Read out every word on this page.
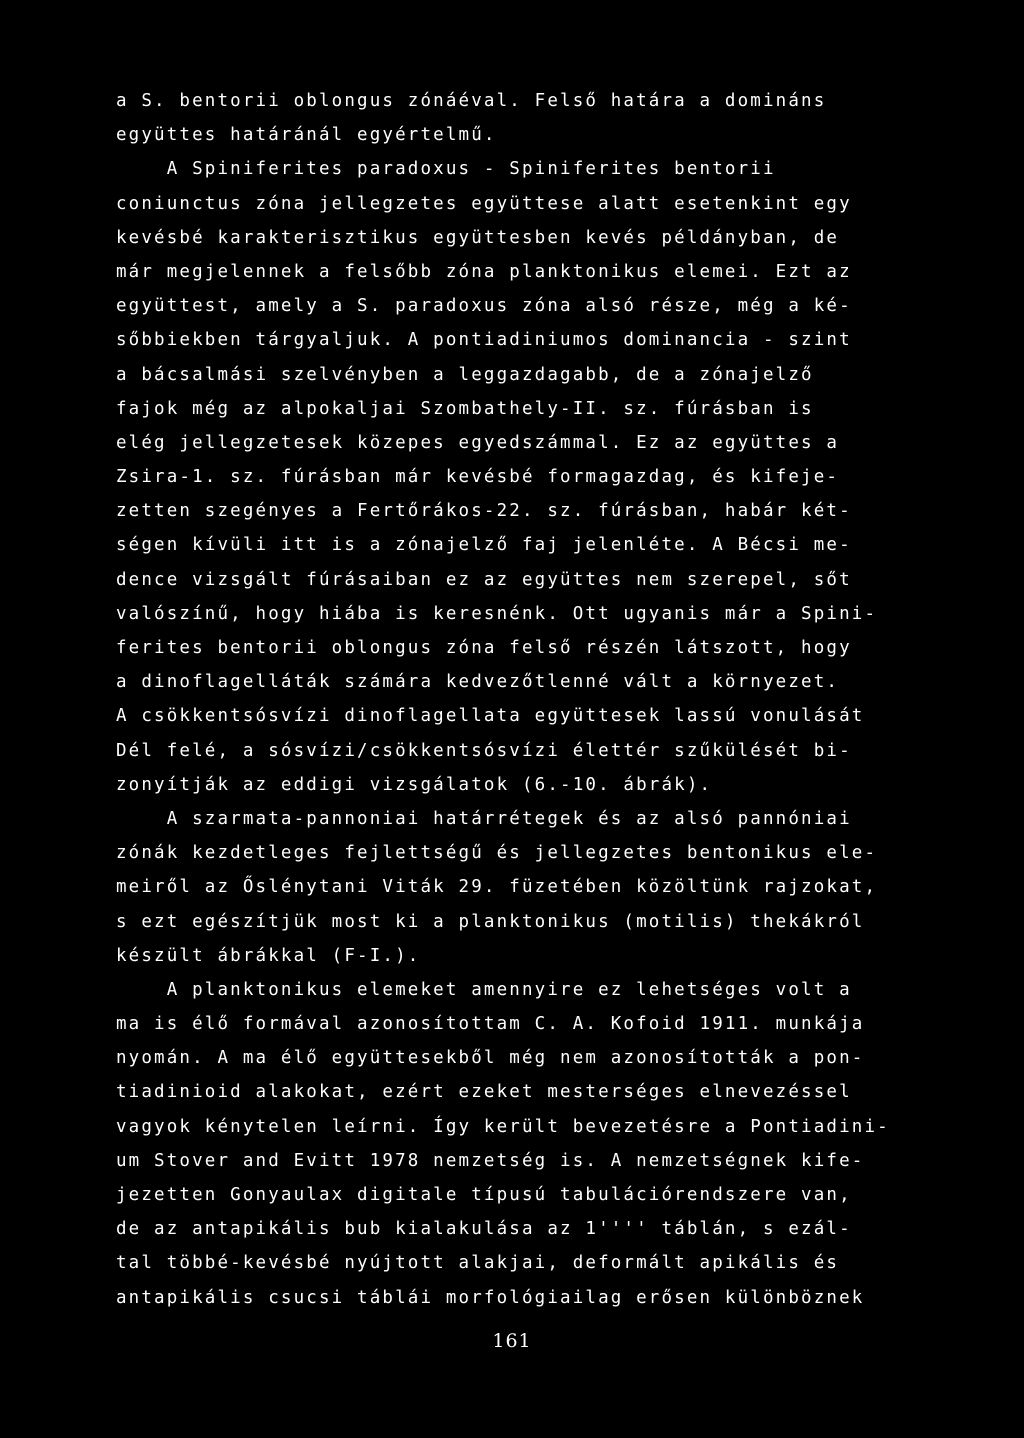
a S. bentorii oblongus zónáéval. Felső határa a domináns
együttes határánál egyértelmű.
A Spiniferites paradoxus - Spiniferites bentorii
coniunctus zóna jellegzetes együttese alatt esetenkint egy
kevésbé karakterisztikus együttesben kevés példányban, de
már megjelennek a felsőbb zóna planktonikus elemei. Ezt az
együttest, amely a S. paradoxus zóna alsó része, még a ké-
sőbbiekben tárgyaljuk. A pontiadiniumos dominancia - szint
a bácsalmási szelvényben a leggazdagabb, de a zónajelző
fajok még az alpokaljai Szombathely-II. sz. fúrásban is
elég jellegzetesek közepes egyedszámmal. Ez az együttes a
Zsira-1. sz. fúrásban már kevésbé formagazdag, és kifeje-
zetten szegényes a Fertőrákos-22. sz. fúrásban, habár két-
ségen kívüli itt is a zónajelző faj jelenléte. A Bécsi me-
dence vizsgált fúrásaiban ez az együttes nem szerepel, sőt
valószínű, hogy hiába is keresnénk. Ott ugyanis már a Spini-
ferites bentorii oblongus zóna felső részén látszott, hogy
a dinoflagelláták számára kedvezőtlenné vált a környezet.
A csökkentsósvízi dinoflagellata együttesek lassú vonulását
Dél felé, a sósvízi/csökkentsósvízi élettér szűkülését bi-
zonyítják az eddigi vizsgálatok (6.-10. ábrák).
A szarmata-pannoniai határrétegek és az alsó pannóniai
zónák kezdetleges fejlettségű és jellegzetes bentonikus ele-
meiről az Őslénytani Viták 29. füzetében közöltünk rajzokat,
s ezt egészítjük most ki a planktonikus (motilis) thekákról
készült ábrákkal (F-I.).
A planktonikus elemeket amennyire ez lehetséges volt a
ma is élő formával azonosítottam C. A. Kofoid 1911. munkája
nyomán. A ma élő együttesekből még nem azonosították a pon-
tiadinioid alakokat, ezért ezeket mesterséges elnevezéssel
vagyok kénytelen leírni. Így került bevezetésre a Pontiadini-
um Stover and Evitt 1978 nemzetség is. A nemzetségnek kife-
jezetten Gonyaulax digitale típusú tabulációrendszere van,
de az antapikális bub kialakulása az 1'''' táblán, s ezál-
tal többé-kevésbé nyújtott alakjai, deformált apikális és
antapikális csucsi táblái morfológiailag erősen különböznek
161
